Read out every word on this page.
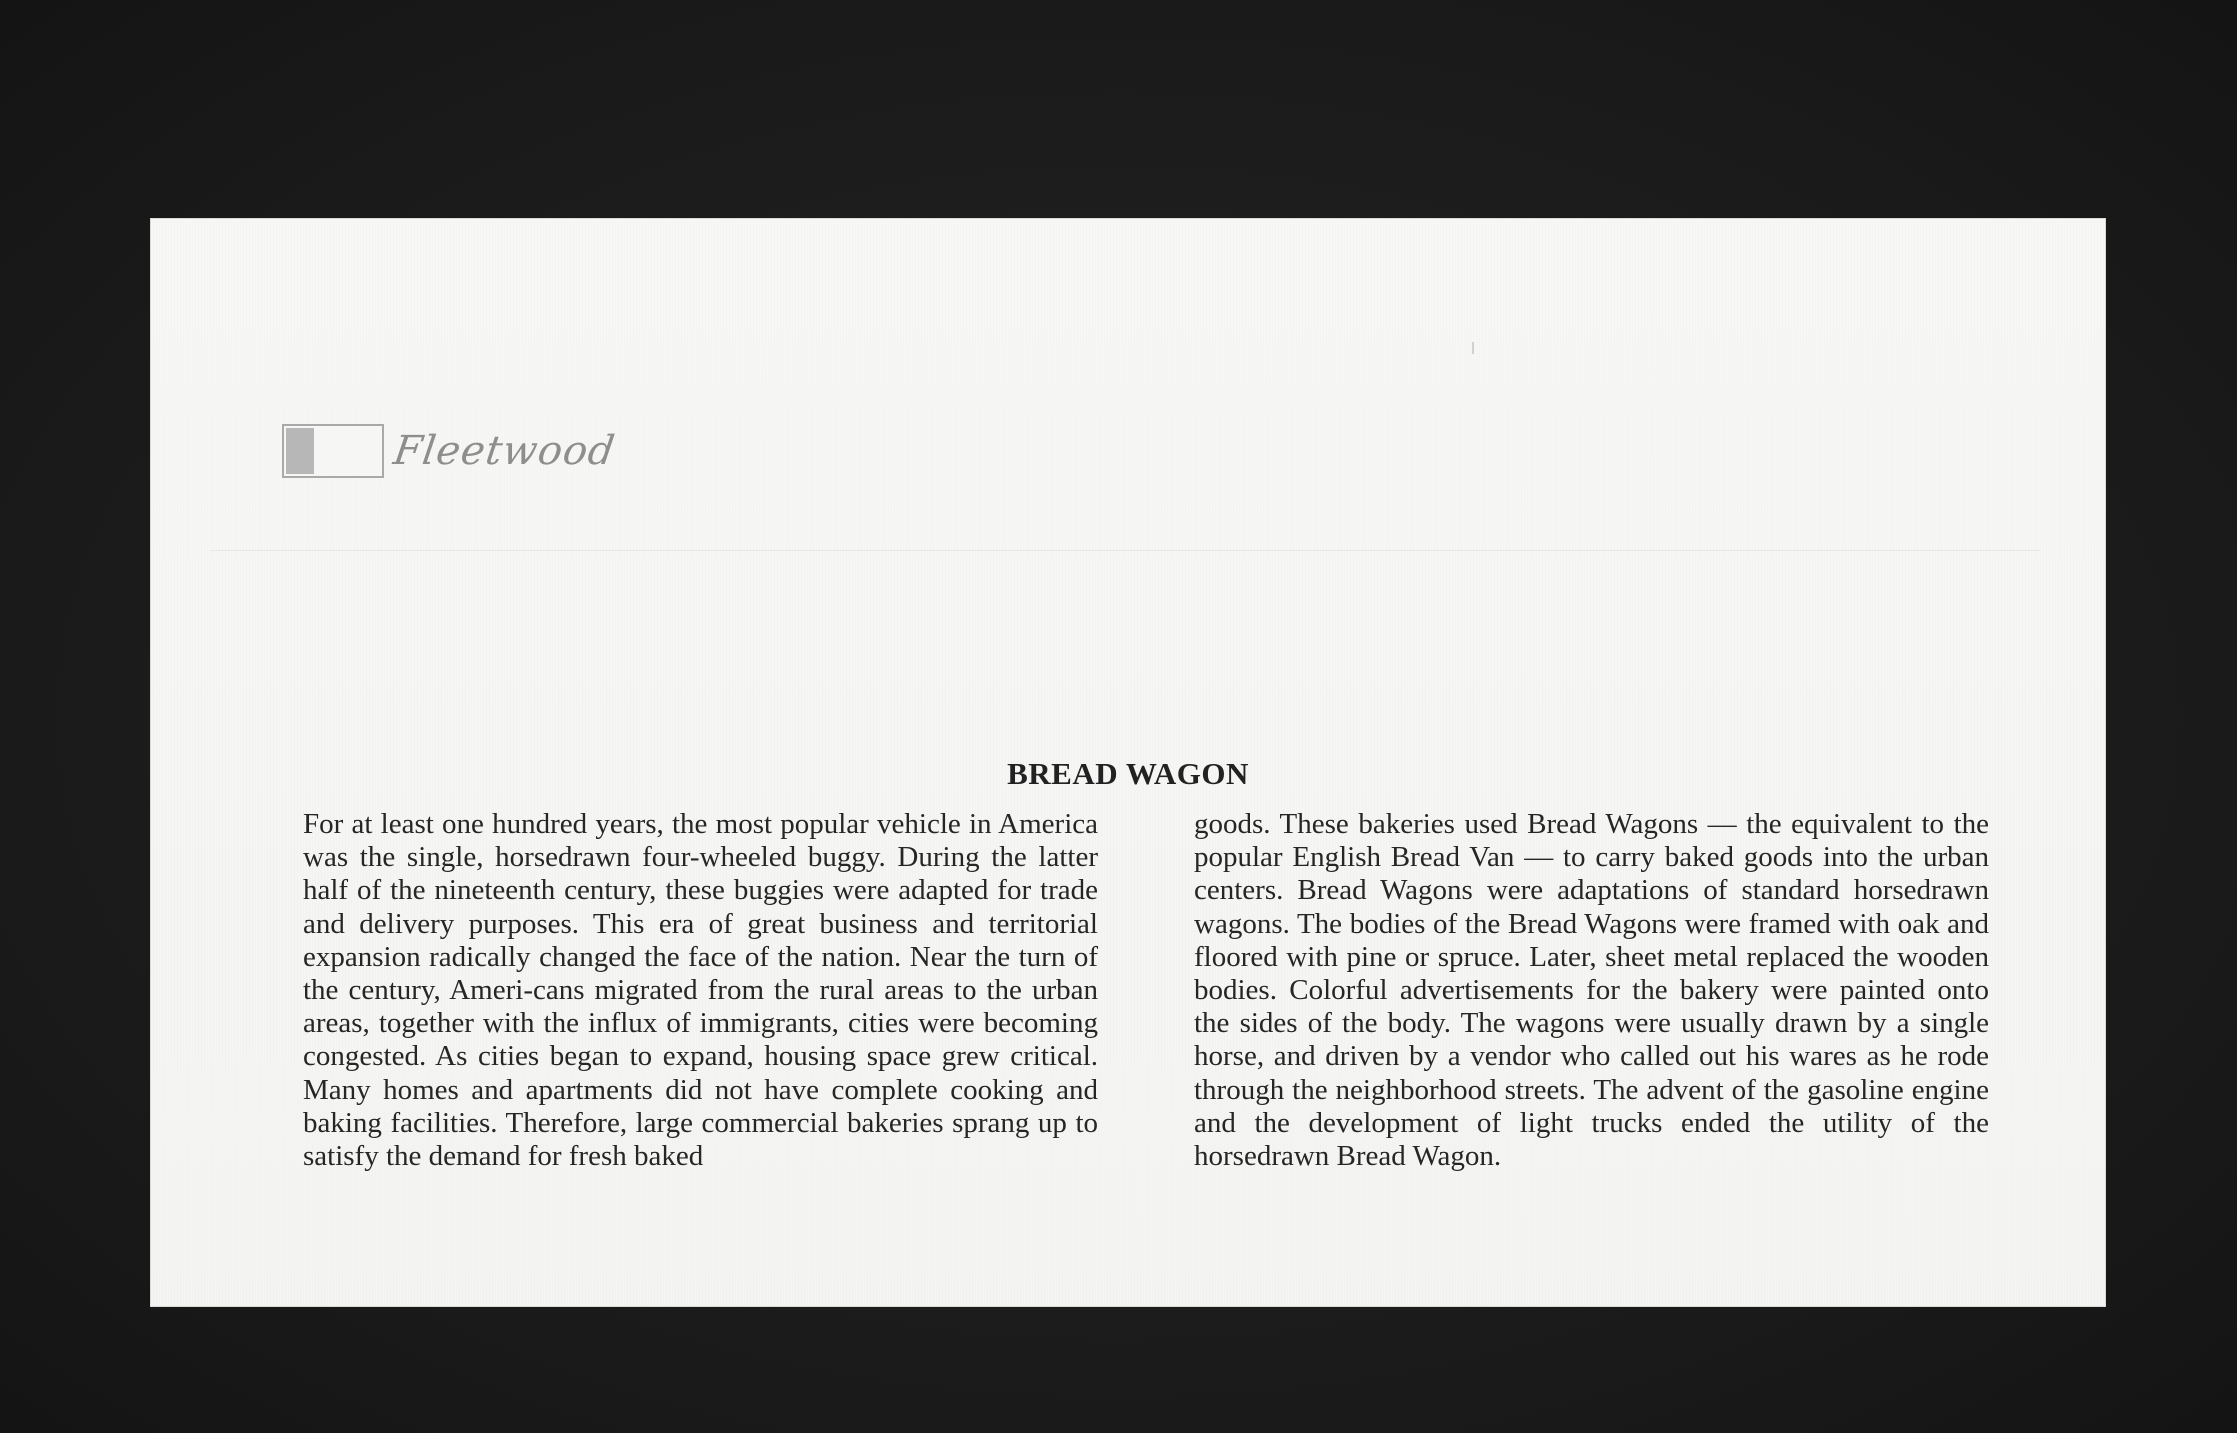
Fleetwood
BREAD WAGON

For at least one hundred years, the most popular vehicle in America was the single, horsedrawn four-wheeled buggy. During the latter half of the nineteenth century, these buggies were adapted for trade and delivery purposes. This era of great business and territorial expansion radically changed the face of the nation. Near the turn of the century, Ameri-cans migrated from the rural areas to the urban areas, together with the influx of immigrants, cities were becoming congested. As cities began to expand, housing space grew critical. Many homes and apartments did not have complete cooking and baking facilities. Therefore, large commercial bakeries sprang up to satisfy the demand for fresh baked

goods. These bakeries used Bread Wagons — the equivalent to the popular English Bread Van — to carry baked goods into the urban centers. Bread Wagons were adaptations of standard horsedrawn wagons. The bodies of the Bread Wagons were framed with oak and floored with pine or spruce. Later, sheet metal replaced the wooden bodies. Colorful advertisements for the bakery were painted onto the sides of the body. The wagons were usually drawn by a single horse, and driven by a vendor who called out his wares as he rode through the neighborhood streets. The advent of the gasoline engine and the development of light trucks ended the utility of the horsedrawn Bread Wagon.
